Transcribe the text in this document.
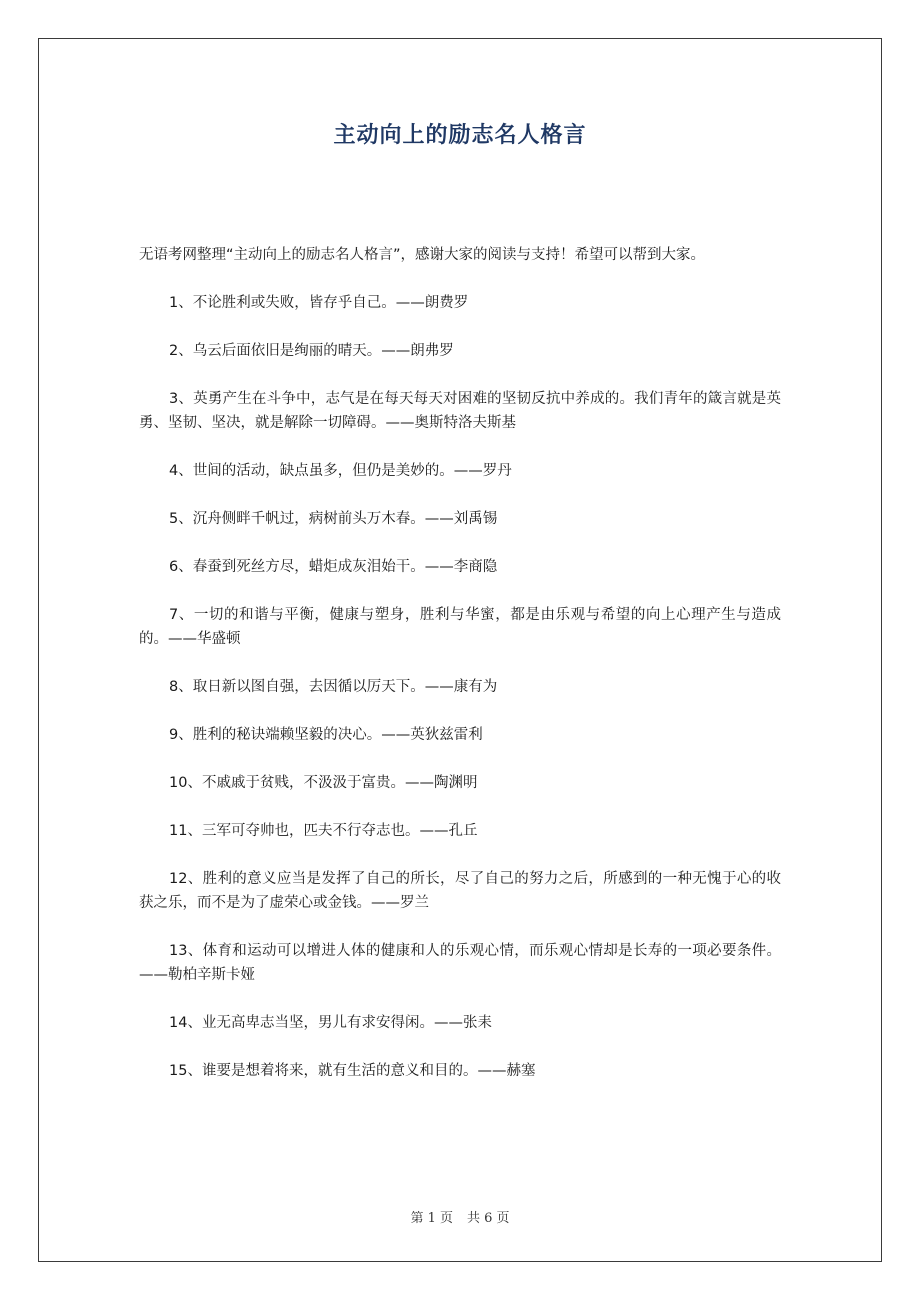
主动向上的励志名人格言

无语考网整理“主动向上的励志名人格言”，感谢大家的阅读与支持！希望可以帮到大家。

1、不论胜利或失败，皆存乎自己。——朗费罗

2、乌云后面依旧是绚丽的晴天。——朗弗罗

3、英勇产生在斗争中，志气是在每天每天对困难的坚韧反抗中养成的。我们青年的箴言就是英勇、坚韧、坚决，就是解除一切障碍。——奥斯特洛夫斯基

4、世间的活动，缺点虽多，但仍是美妙的。——罗丹

5、沉舟侧畔千帆过，病树前头万木春。——刘禹锡

6、春蚕到死丝方尽，蜡炬成灰泪始干。——李商隐

7、一切的和谐与平衡，健康与塑身，胜利与华蜜，都是由乐观与希望的向上心理产生与造成的。——华盛顿

8、取日新以图自强，去因循以厉天下。——康有为

9、胜利的秘诀端赖坚毅的决心。——英狄兹雷利

10、不戚戚于贫贱，不汲汲于富贵。——陶渊明

11、三军可夺帅也，匹夫不行夺志也。——孔丘

12、胜利的意义应当是发挥了自己的所长，尽了自己的努力之后，所感到的一种无愧于心的收获之乐，而不是为了虚荣心或金钱。——罗兰

13、体育和运动可以增进人体的健康和人的乐观心情，而乐观心情却是长寿的一项必要条件。——勒柏辛斯卡娅

14、业无高卑志当坚，男儿有求安得闲。——张耒

15、谁要是想着将来，就有生活的意义和目的。——赫塞

第 1 页 共 6 页
